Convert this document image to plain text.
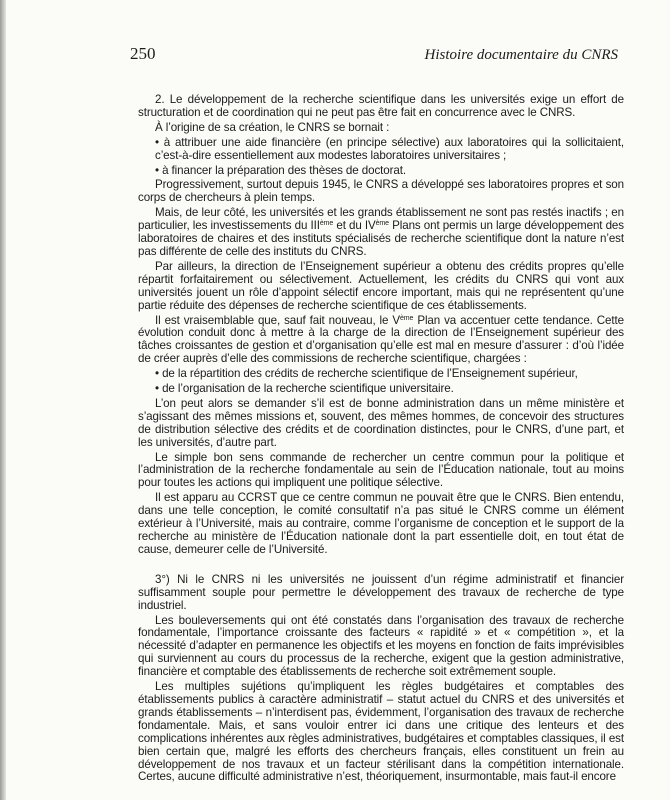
250	Histoire documentaire du CNRS

2. Le développement de la recherche scientifique dans les universités exige un effort de structuration et de coordination qui ne peut pas être fait en concurrence avec le CNRS.

À l’origine de sa création, le CNRS se bornait :

• à attribuer une aide financière (en principe sélective) aux laboratoires qui la sollicitaient, c’est-à-dire essentiellement aux modestes laboratoires universitaires ;

• à financer la préparation des thèses de doctorat.

Progressivement, surtout depuis 1945, le CNRS a développé ses laboratoires propres et son corps de chercheurs à plein temps.

Mais, de leur côté, les universités et les grands établissement ne sont pas restés inactifs ; en particulier, les investissements du IIIème et du IVème Plans ont permis un large développement des laboratoires de chaires et des instituts spécialisés de recherche scientifique dont la nature n’est pas différente de celle des instituts du CNRS.

Par ailleurs, la direction de l’Enseignement supérieur a obtenu des crédits propres qu’elle répartit forfaitairement ou sélectivement. Actuellement, les crédits du CNRS qui vont aux universités jouent un rôle d’appoint sélectif encore important, mais qui ne représentent qu’une partie réduite des dépenses de recherche scientifique de ces établissements.

Il est vraisemblable que, sauf fait nouveau, le Vème Plan va accentuer cette tendance. Cette évolution conduit donc à mettre à la charge de la direction de l’Enseignement supérieur des tâches croissantes de gestion et d’organisation qu’elle est mal en mesure d’assurer : d’où l’idée de créer auprès d’elle des commissions de recherche scientifique, chargées :

• de la répartition des crédits de recherche scientifique de l’Enseignement supérieur,

• de l’organisation de la recherche scientifique universitaire.

L’on peut alors se demander s’il est de bonne administration dans un même ministère et s’agissant des mêmes missions et, souvent, des mêmes hommes, de concevoir des structures de distribution sélective des crédits et de coordination distinctes, pour le CNRS, d’une part, et les universités, d’autre part.

Le simple bon sens commande de rechercher un centre commun pour la politique et l’administration de la recherche fondamentale au sein de l’Éducation nationale, tout au moins pour toutes les actions qui impliquent une politique sélective.

Il est apparu au CCRST que ce centre commun ne pouvait être que le CNRS. Bien entendu, dans une telle conception, le comité consultatif n’a pas situé le CNRS comme un élément extérieur à l’Université, mais au contraire, comme l’organisme de conception et le support de la recherche au ministère de l’Éducation nationale dont la part essentielle doit, en tout état de cause, demeurer celle de l’Université.

3°) Ni le CNRS ni les universités ne jouissent d’un régime administratif et financier suffisamment souple pour permettre le développement des travaux de recherche de type industriel.

Les bouleversements qui ont été constatés dans l’organisation des travaux de recherche fondamentale, l’importance croissante des facteurs « rapidité » et « compétition », et la nécessité d’adapter en permanence les objectifs et les moyens en fonction de faits imprévisibles qui surviennent au cours du processus de la recherche, exigent que la gestion administrative, financière et comptable des établissements de recherche soit extrêmement souple.

Les multiples sujétions qu’impliquent les règles budgétaires et comptables des établissements publics à caractère administratif – statut actuel du CNRS et des universités et grands établissements – n’interdisent pas, évidemment, l’organisation des travaux de recherche fondamentale. Mais, et sans vouloir entrer ici dans une critique des lenteurs et des complications inhérentes aux règles administratives, budgétaires et comptables classiques, il est bien certain que, malgré les efforts des chercheurs français, elles constituent un frein au développement de nos travaux et un facteur stérilisant dans la compétition internationale. Certes, aucune difficulté administrative n’est, théoriquement, insurmontable, mais faut-il encore
